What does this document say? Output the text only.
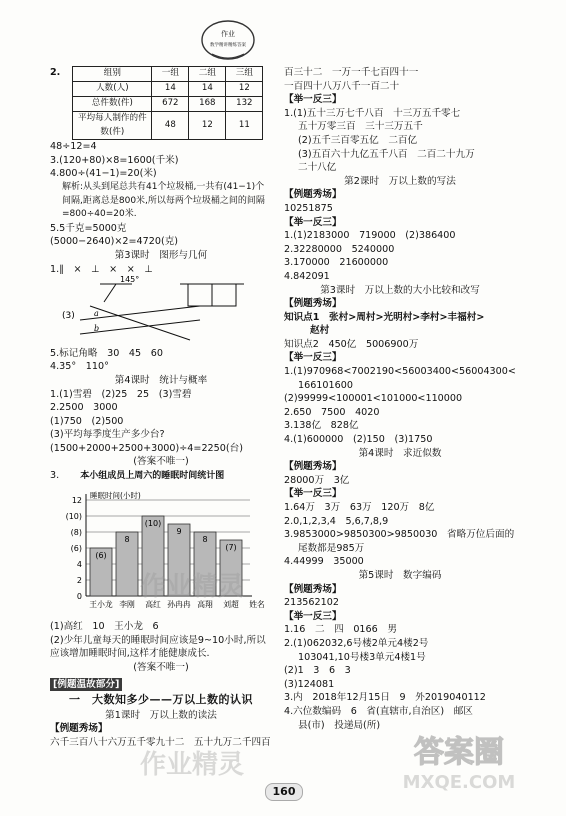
作业
数学精讲精练答案
2.	组别	一组	二组	三组
人数(人)	14	14	12
总件数(件)	672	168	132
平均每人制作的件数(件)	48	12	11
48÷12=4
3.(120+80)×8=1600(千米)
4.800÷(41−1)=20(米)
解析:从头到尾总共有41个垃圾桶,一共有(41−1)个间隔,距离总是800米,所以每两个垃圾桶之间的间隔=800÷40=20米.
5.5千克=5000克
(5000−2640)×2=4720(克)
第3课时　图形与几何
1.∥　×　⊥　×　×　⊥
145°
(3) a
b
5.标记角略　30　45　60
4.35°　110°
第4课时　统计与概率
1.(1)雪碧　(2)25　25　(3)雪碧
2.2500　3000
(1)750　(2)500
(3)平均每季度生产多少台?
(1500+2000+2500+3000)÷4=2250(台)
(答案不唯一)
3. 本小组成员上周六的睡眠时间统计图
睡眠时间(小时)
12
(10)
(8)
(6)
4
2
0
(6)
8
(10)
9
8
(7)
王小龙 李刚 高红 孙冉冉 高翔 刘超 姓名
(1)高红　10　王小龙　6
(2)少年儿童每天的睡眠时间应该是9~10小时,所以应该增加睡眠时间,这样才能健康成长.
(答案不唯一)
[例题温故部分]
一　大数知多少——万以上数的认识
第1课时　万以上数的读法
【例题秀场】
六千三百八十六万五千零九十二　五十九万二千四百
百三十二　一万一千七百四十一
一百四十八万八千一百二十
【举一反三】
1.(1)五十三万七千八百　十三万五千零七
五十万零三百　三十三万五千
(2)五千三百零五亿　二百亿
(3)五百六十九亿五千八百　二百二十九万
二十八亿
第2课时　万以上数的写法
【例题秀场】
10251875
【举一反三】
1.(1)2183000　719000　(2)386400
2.32280000　5240000
3.170000　21600000
4.842091
第3课时　万以上数的大小比较和改写
【例题秀场】
知识点1　张村>周村>光明村>李村>丰福村>
赵村
知识点2　450亿　5006900万
【举一反三】
1.(1)970968<7002190<56003400<56004300<
166101600
(2)99999<100001<101000<110000
2.650　7500　4020
3.138亿　828亿
4.(1)600000　(2)150　(3)1750
第4课时　求近似数
【例题秀场】
28000万　3亿
【举一反三】
1.64万　3万　63万　120万　8亿
2.0,1,2,3,4　5,6,7,8,9
3.9853000>9850300>9850030　省略万位后面的
尾数都是985万
4.44999　35000
第5课时　数字编码
【例题秀场】
213562102
【举一反三】
1.16　二　四　0166　男
2.(1)062032,6号楼2单元4楼2号
103041,10号楼3单元4楼1号
(2)1　3　6　3
(3)124081
3.内　2018年12月15日　9　外2019040112
4.六位数编码　6　省(直辖市,自治区)　邮区
县(市)　投递局(所)
作业精灵
作业精灵	答案圈
MXQE.COM
160
